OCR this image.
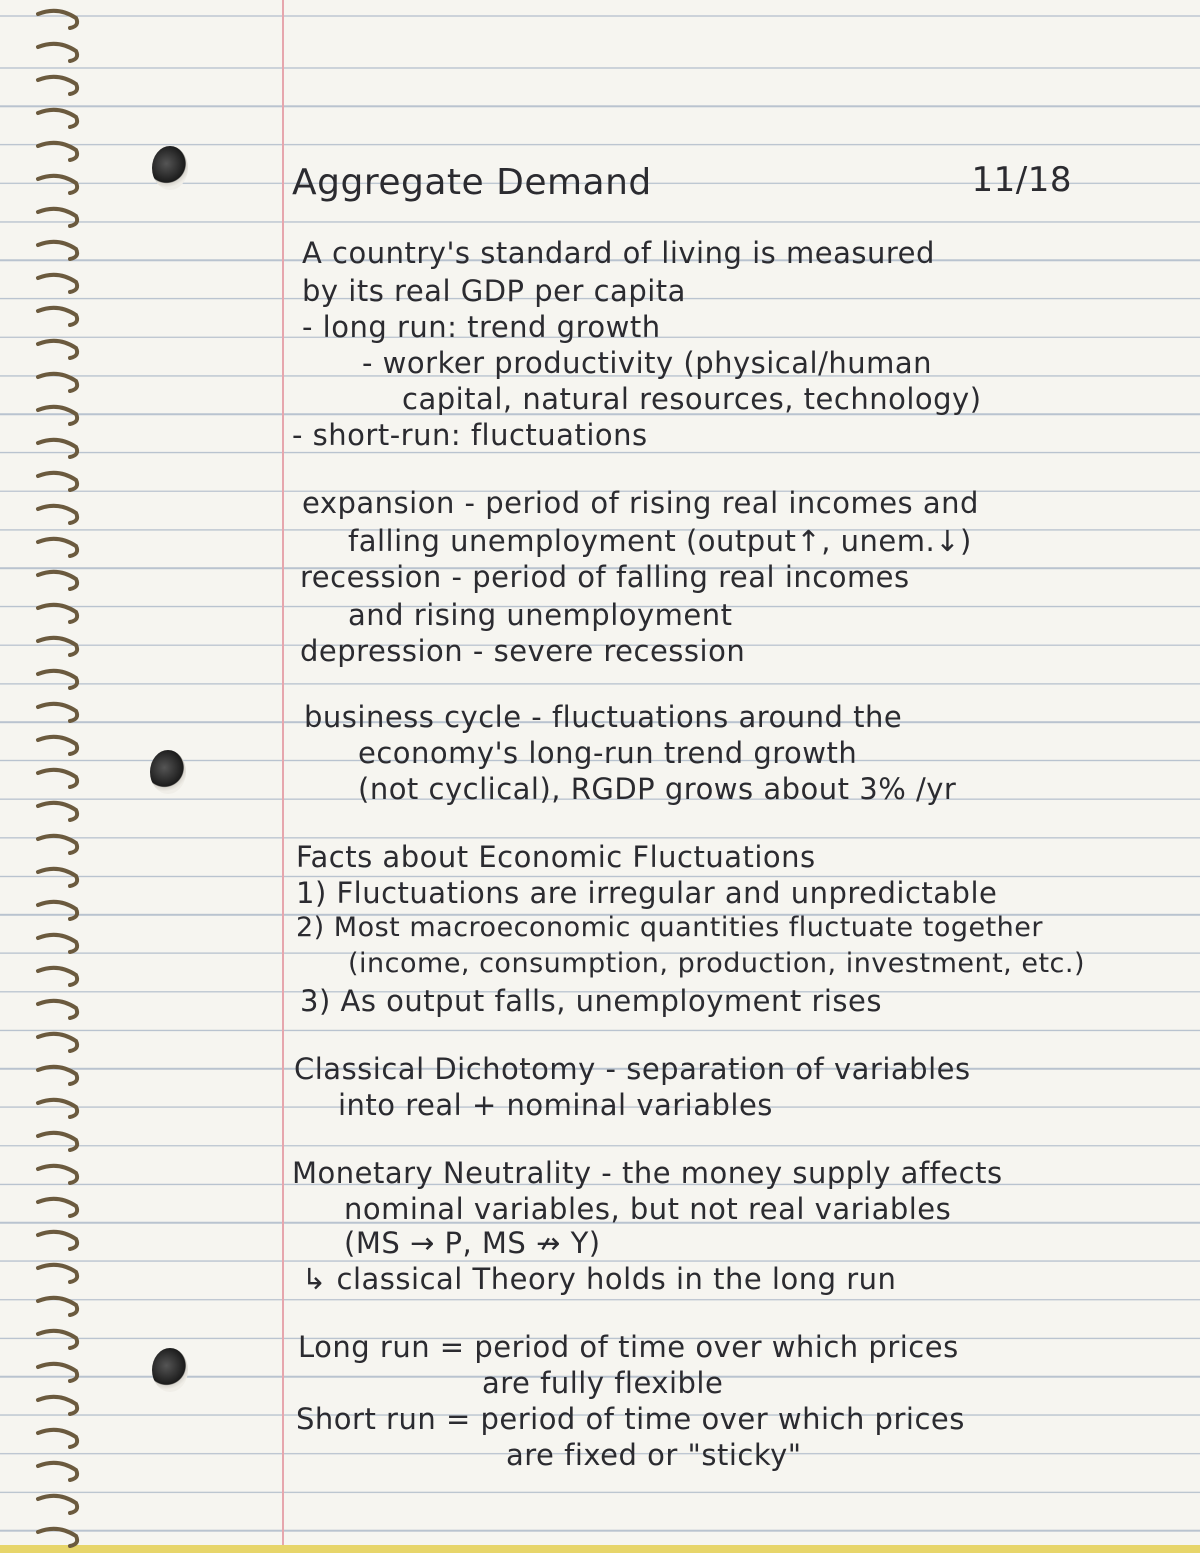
Aggregate Demand	11/18
A country's standard of living is measured
by its real GDP per capita
- long run: trend growth
- worker productivity (physical/human
capital, natural resources, technology)
- short-run: fluctuations
expansion - period of rising real incomes and
falling unemployment (output↑, unem.↓)
recession - period of falling real incomes
and rising unemployment
depression - severe recession
business cycle - fluctuations around the
economy's long-run trend growth
(not cyclical), RGDP grows about 3% /yr
Facts about Economic Fluctuations
1) Fluctuations are irregular and unpredictable
2) Most macroeconomic quantities fluctuate together
(income, consumption, production, investment, etc.)
3) As output falls, unemployment rises
Classical Dichotomy - separation of variables
into real + nominal variables
Monetary Neutrality - the money supply affects
nominal variables, but not real variables
(MS → P, MS ↛ Y)
↳ classical Theory holds in the long run
Long run = period of time over which prices
are fully flexible
Short run = period of time over which prices
are fixed or "sticky"
